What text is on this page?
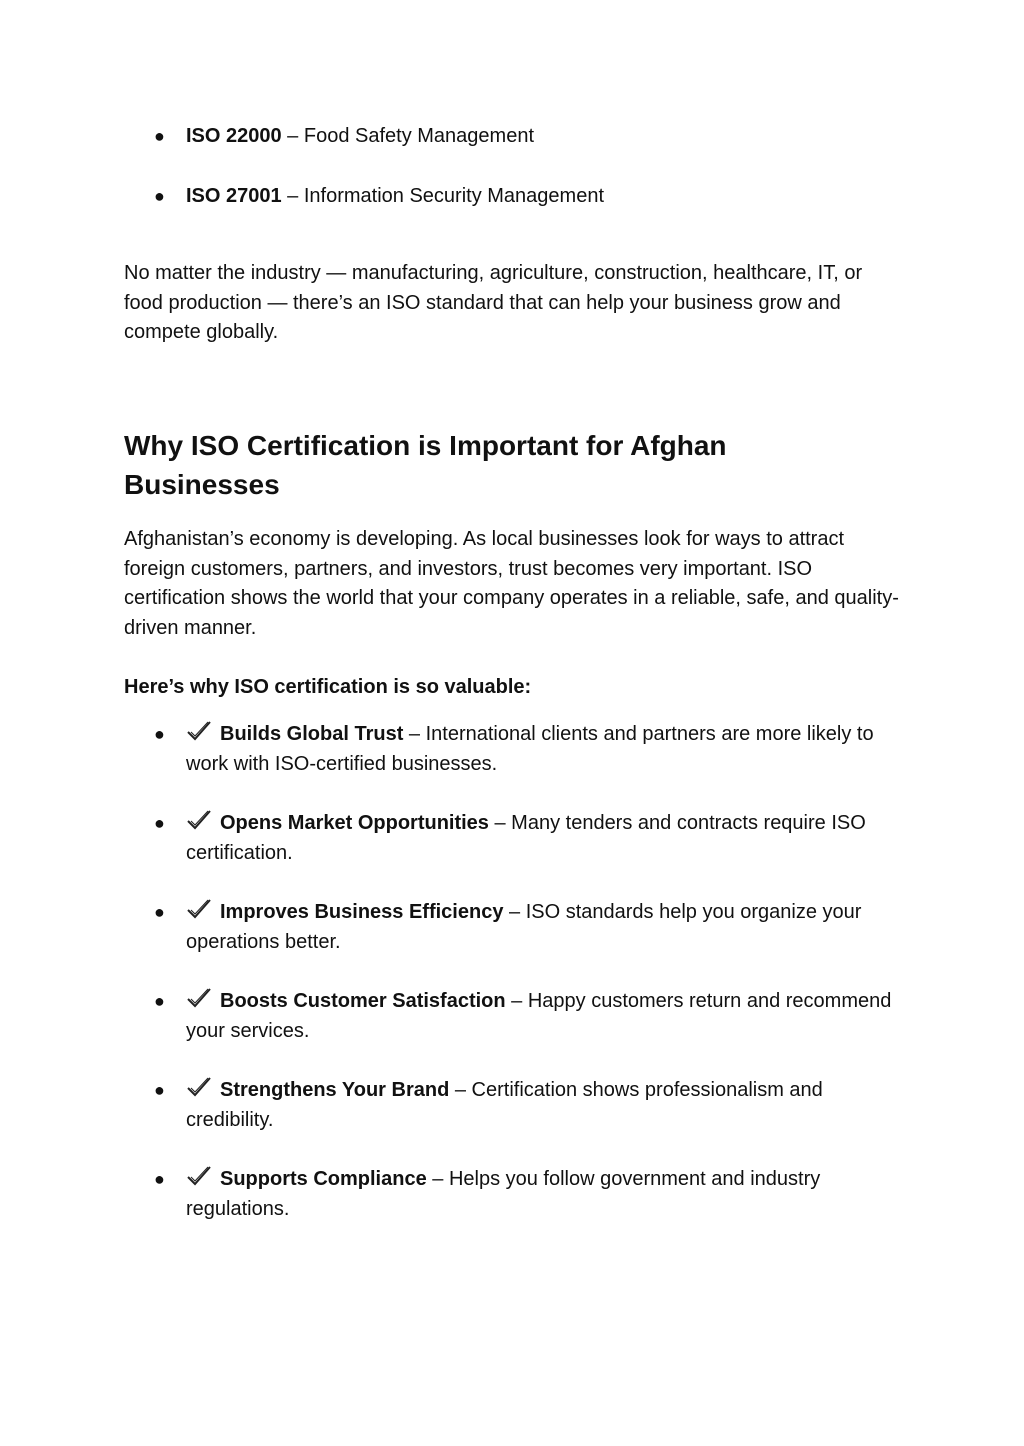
● ISO 22000 – Food Safety Management
● ISO 27001 – Information Security Management

No matter the industry — manufacturing, agriculture, construction, healthcare, IT, or food production — there’s an ISO standard that can help your business grow and compete globally.

Why ISO Certification is Important for Afghan Businesses

Afghanistan’s economy is developing. As local businesses look for ways to attract foreign customers, partners, and investors, trust becomes very important. ISO certification shows the world that your company operates in a reliable, safe, and quality-driven manner.

Here’s why ISO certification is so valuable:

●	Builds Global Trust – International clients and partners are more likely to work with ISO-certified businesses.
●	Opens Market Opportunities – Many tenders and contracts require ISO certification.
●	Improves Business Efficiency – ISO standards help you organize your operations better.
●	Boosts Customer Satisfaction – Happy customers return and recommend your services.
●	Strengthens Your Brand – Certification shows professionalism and credibility.
●	Supports Compliance – Helps you follow government and industry regulations.
